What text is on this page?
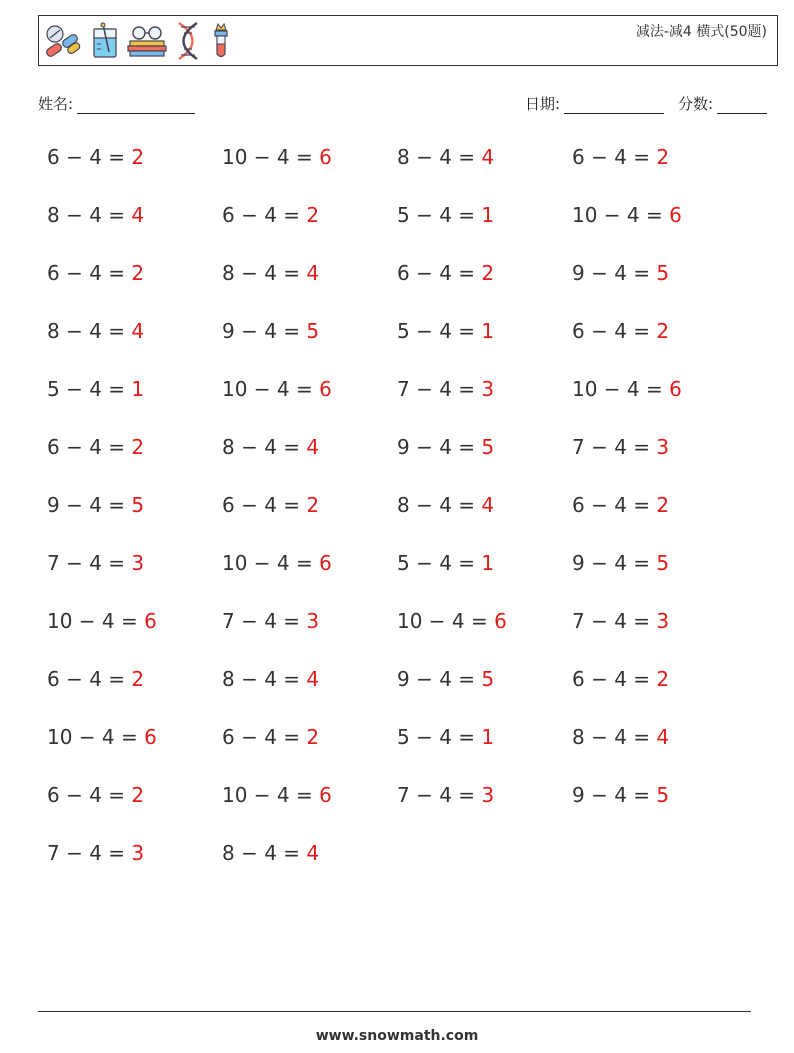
减法-减4 横式(50题)
姓名:	日期:	分数:
6 − 4 = 2	10 − 4 = 6	8 − 4 = 4	6 − 4 = 2
8 − 4 = 4	6 − 4 = 2	5 − 4 = 1	10 − 4 = 6
6 − 4 = 2	8 − 4 = 4	6 − 4 = 2	9 − 4 = 5
8 − 4 = 4	9 − 4 = 5	5 − 4 = 1	6 − 4 = 2
5 − 4 = 1	10 − 4 = 6	7 − 4 = 3	10 − 4 = 6
6 − 4 = 2	8 − 4 = 4	9 − 4 = 5	7 − 4 = 3
9 − 4 = 5	6 − 4 = 2	8 − 4 = 4	6 − 4 = 2
7 − 4 = 3	10 − 4 = 6	5 − 4 = 1	9 − 4 = 5
10 − 4 = 6	7 − 4 = 3	10 − 4 = 6	7 − 4 = 3
6 − 4 = 2	8 − 4 = 4	9 − 4 = 5	6 − 4 = 2
10 − 4 = 6	6 − 4 = 2	5 − 4 = 1	8 − 4 = 4
6 − 4 = 2	10 − 4 = 6	7 − 4 = 3	9 − 4 = 5
7 − 4 = 3	8 − 4 = 4
www.snowmath.com
